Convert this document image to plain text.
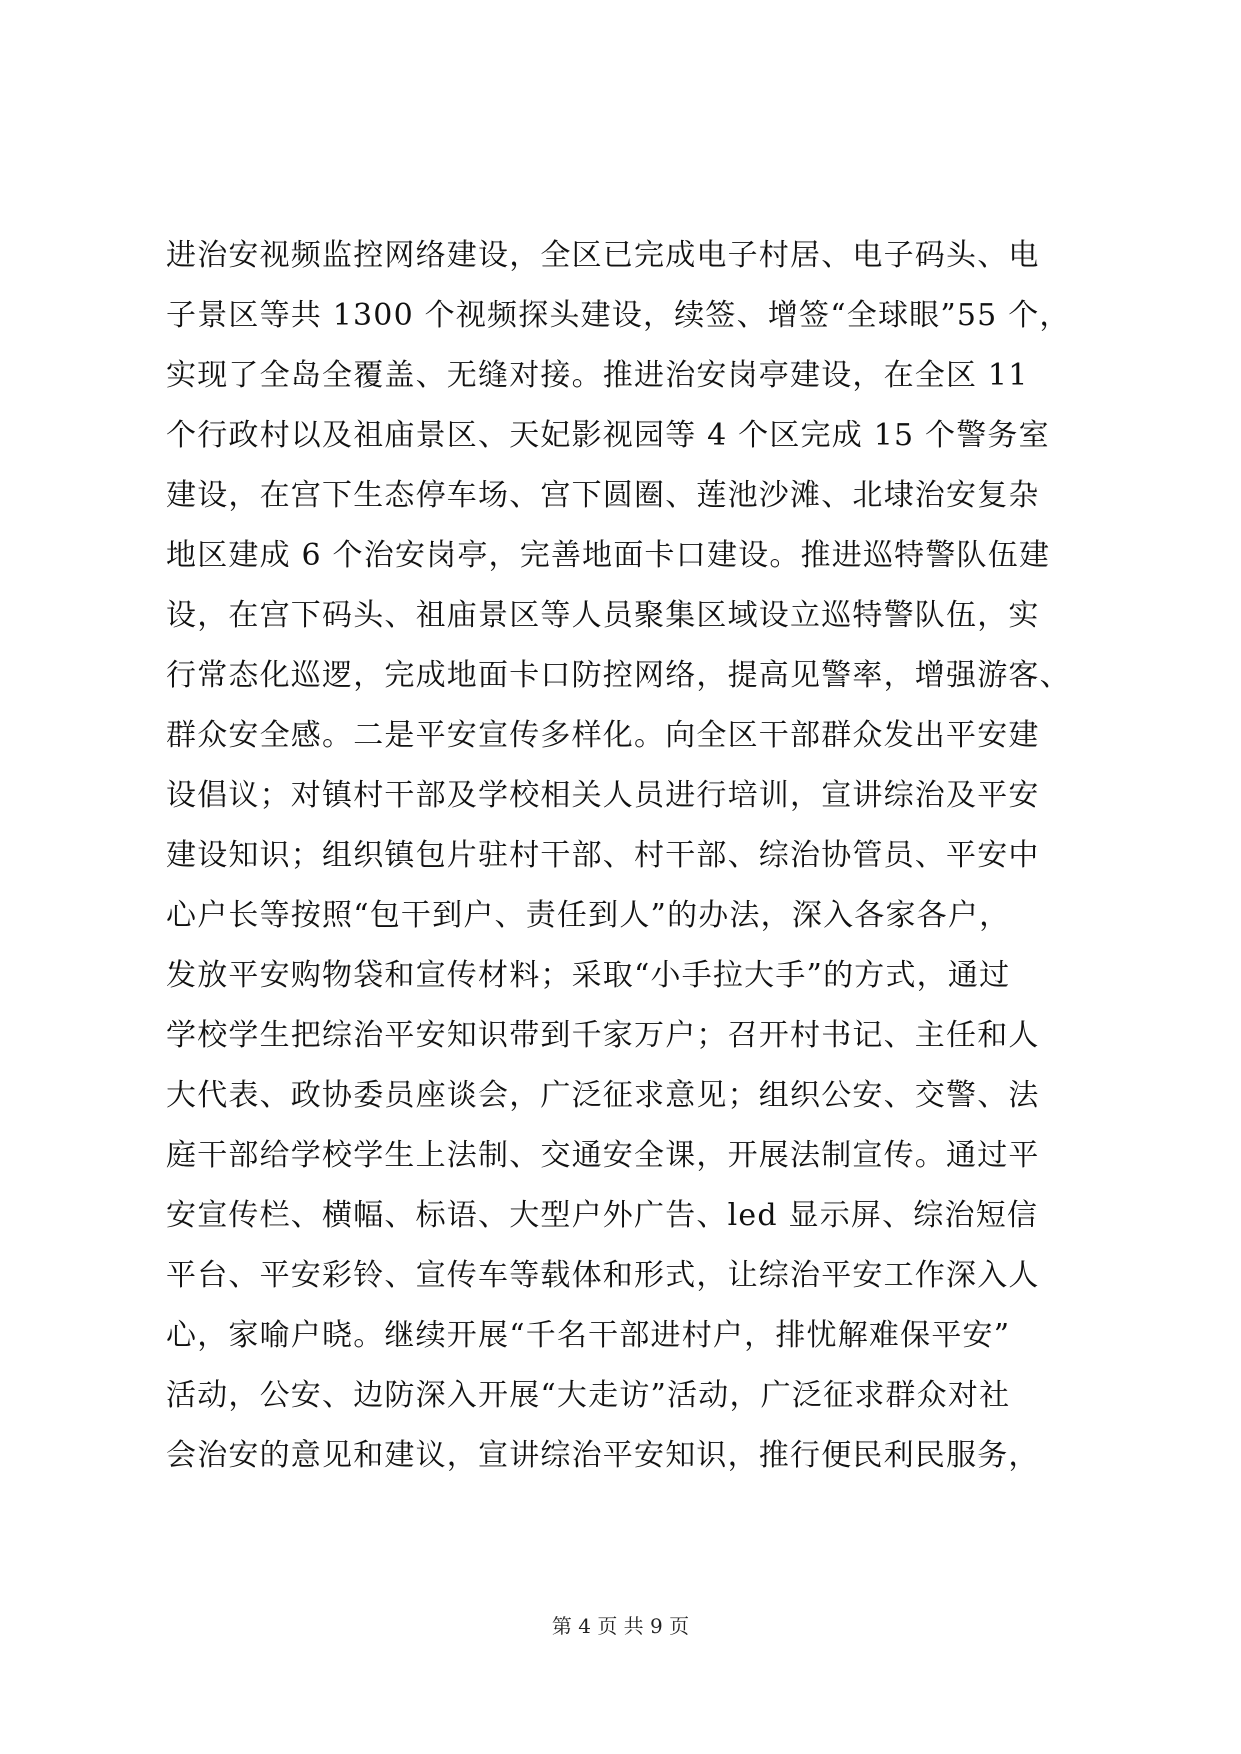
进治安视频监控网络建设，全区已完成电子村居、电子码头、电
子景区等共 1300 个视频探头建设，续签、增签“全球眼”55 个，
实现了全岛全覆盖、无缝对接。推进治安岗亭建设，在全区 11
个行政村以及祖庙景区、天妃影视园等 4 个区完成 15 个警务室
建设，在宫下生态停车场、宫下圆圈、莲池沙滩、北埭治安复杂
地区建成 6 个治安岗亭，完善地面卡口建设。推进巡特警队伍建
设，在宫下码头、祖庙景区等人员聚集区域设立巡特警队伍，实
行常态化巡逻，完成地面卡口防控网络，提高见警率，增强游客、
群众安全感。二是平安宣传多样化。向全区干部群众发出平安建
设倡议；对镇村干部及学校相关人员进行培训，宣讲综治及平安
建设知识；组织镇包片驻村干部、村干部、综治协管员、平安中
心户长等按照“包干到户、责任到人”的办法，深入各家各户，
发放平安购物袋和宣传材料；采取“小手拉大手”的方式，通过
学校学生把综治平安知识带到千家万户；召开村书记、主任和人
大代表、政协委员座谈会，广泛征求意见；组织公安、交警、法
庭干部给学校学生上法制、交通安全课，开展法制宣传。通过平
安宣传栏、横幅、标语、大型户外广告、led 显示屏、综治短信
平台、平安彩铃、宣传车等载体和形式，让综治平安工作深入人
心，家喻户晓。继续开展“千名干部进村户，排忧解难保平安”
活动，公安、边防深入开展“大走访”活动，广泛征求群众对社
会治安的意见和建议，宣讲综治平安知识，推行便民利民服务，
第 4 页 共 9 页
